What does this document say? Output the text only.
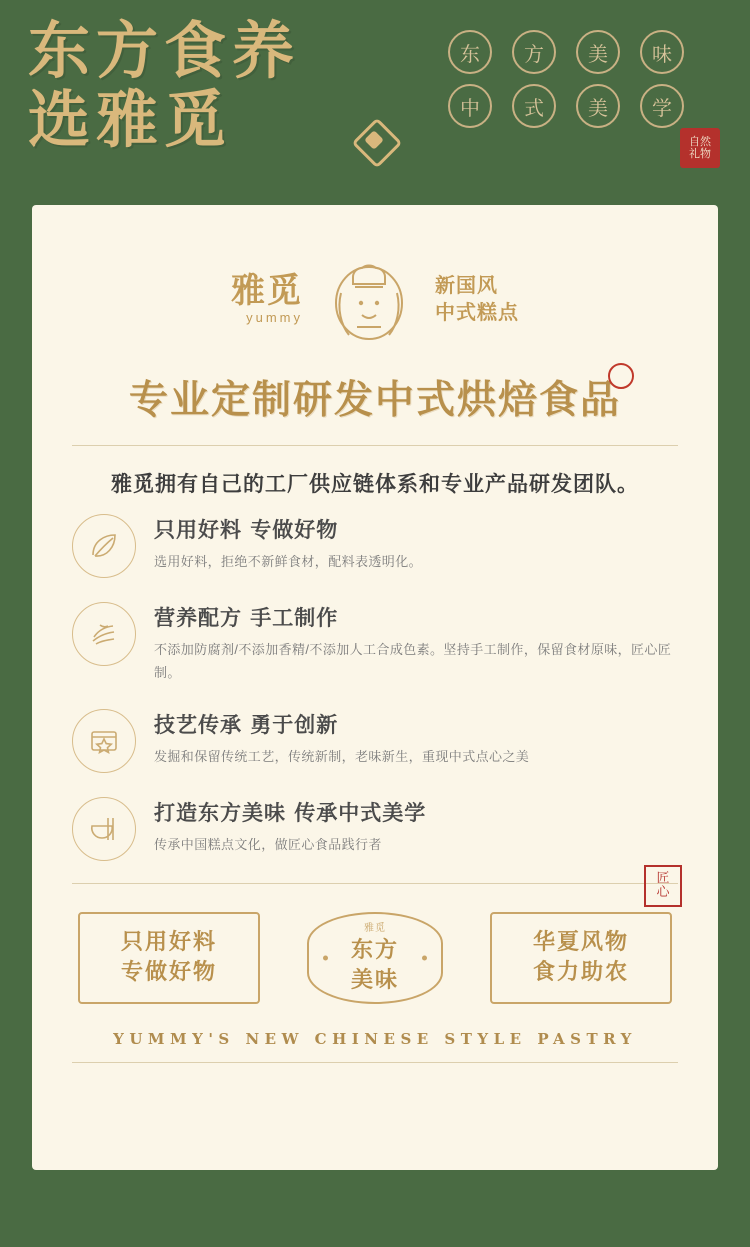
东方食养
选雅觅
东	方	美	味
中	式	美	学
自然 礼物
雅觅
yummy
新国风
中式糕点
专业定制研发中式烘焙食品
雅觅拥有自己的工厂供应链体系和专业产品研发团队。
只用好料 专做好物
选用好料，拒绝不新鲜食材，配料表透明化。
营养配方 手工制作
不添加防腐剂/不添加香精/不添加人工合成色素。坚持手工制作，保留食材原味，匠心匠制。
技艺传承 勇于创新
发掘和保留传统工艺，传统新制，老味新生，重现中式点心之美
打造东方美味 传承中式美学
传承中国糕点文化，做匠心食品践行者
匠 心
只用好料
专做好物
雅觅
东方
美味
华夏风物
食力助农
YUMMY'S NEW CHINESE STYLE PASTRY
